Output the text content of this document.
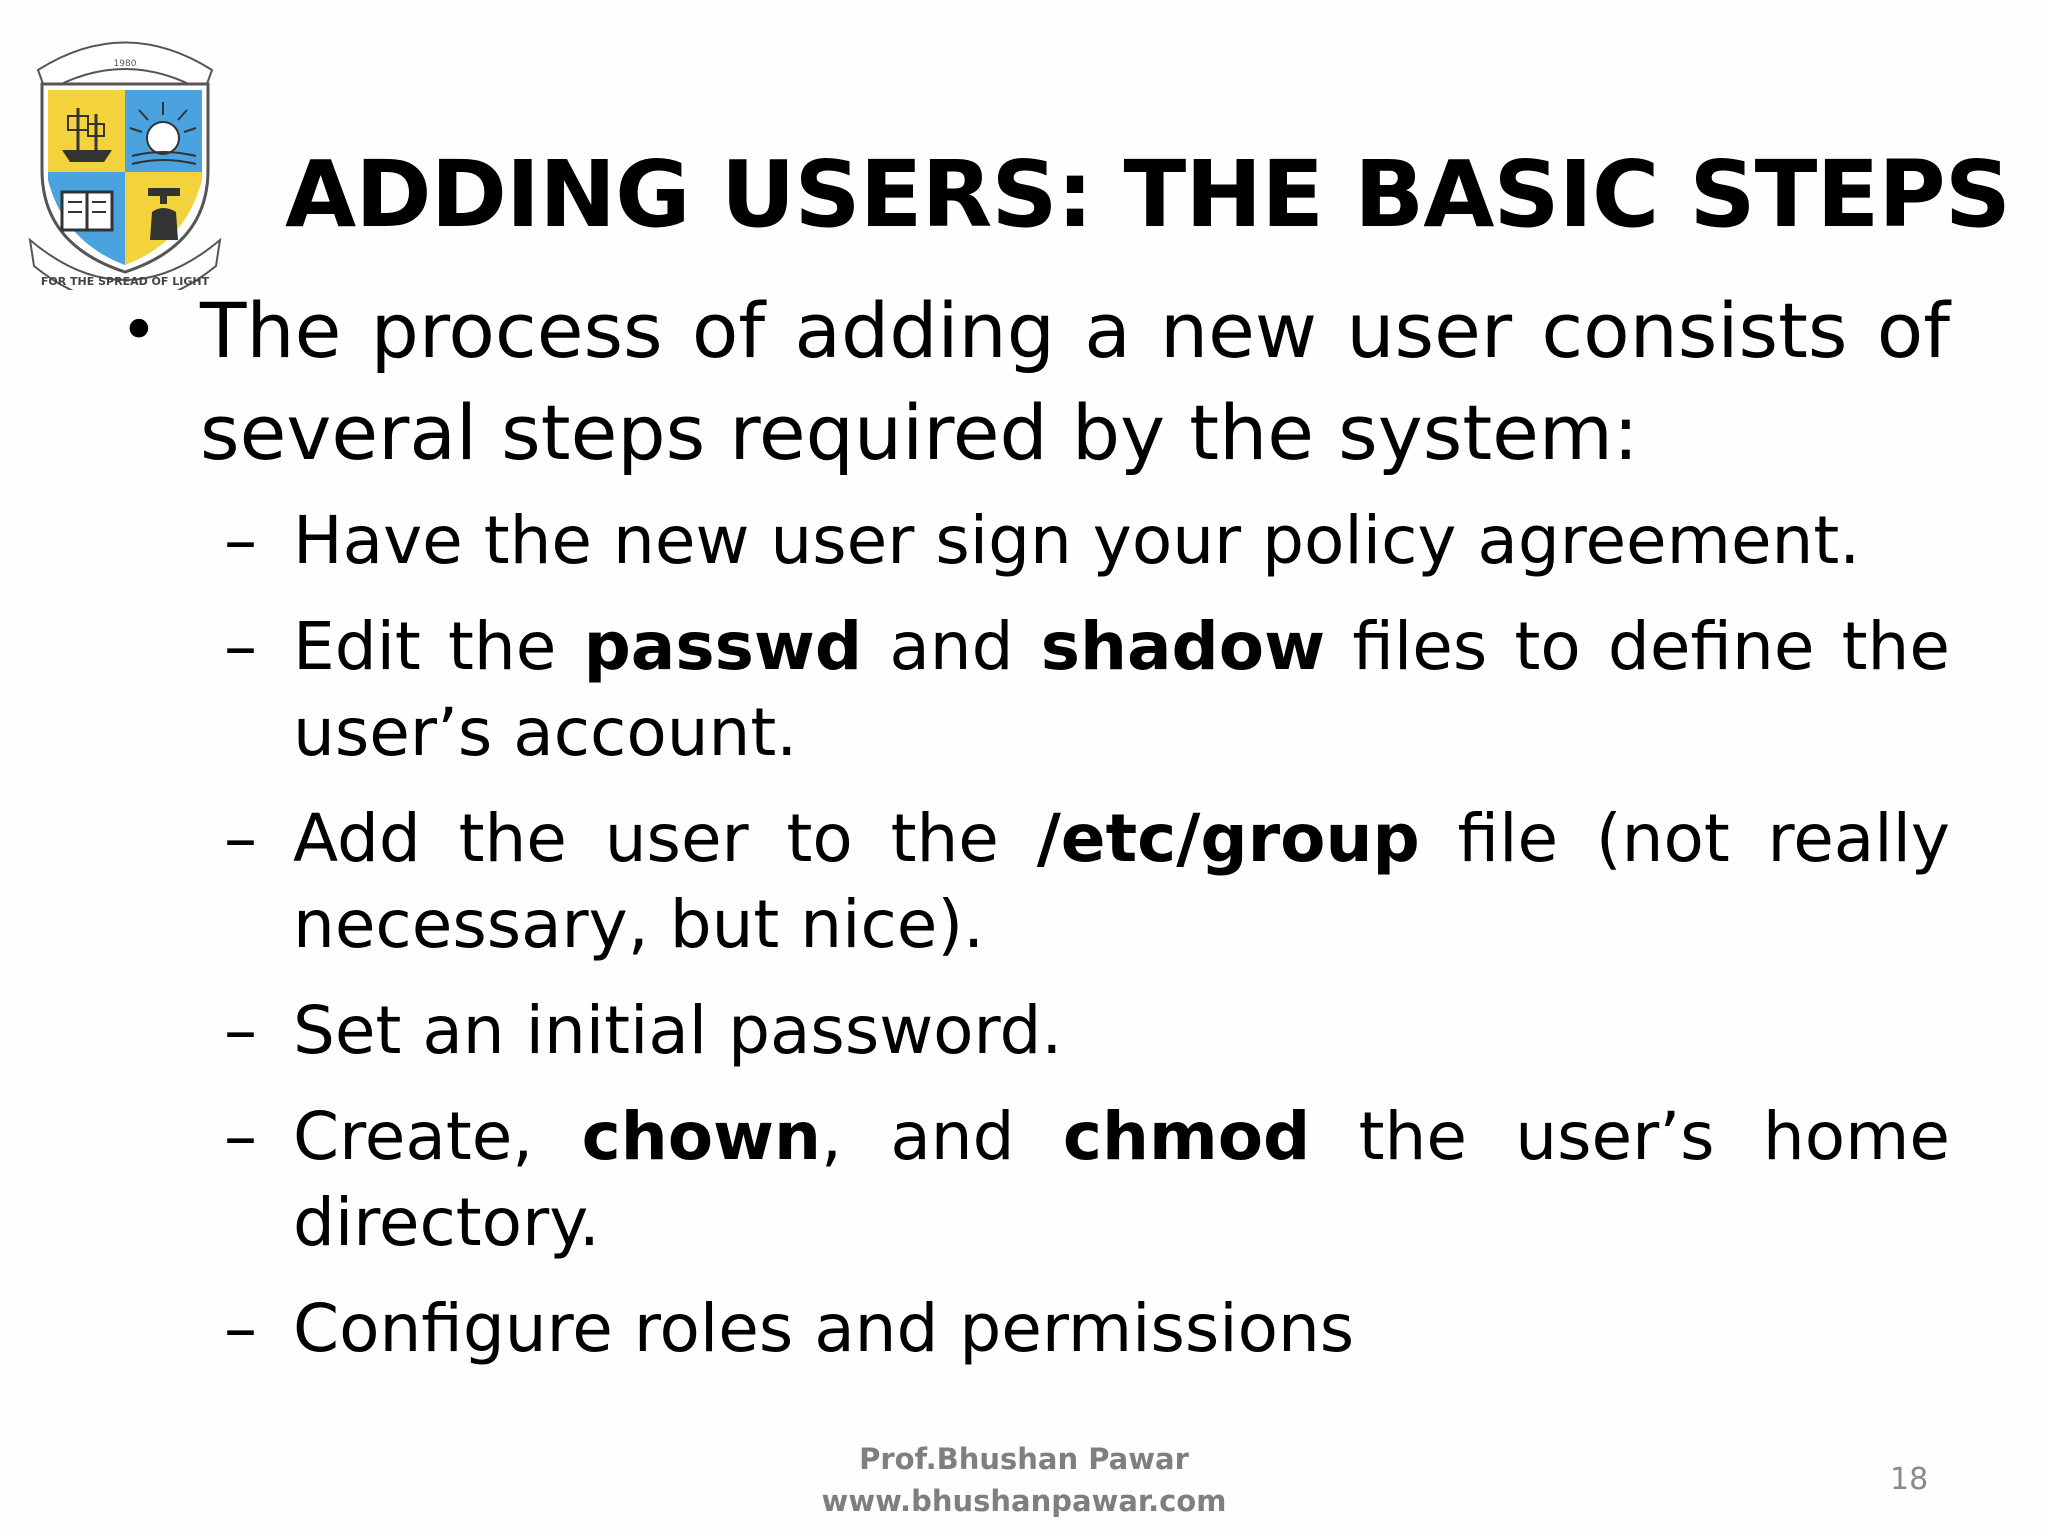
1980
FOR THE SPREAD OF LIGHT
ADDING USERS: THE BASIC STEPS
• The process of adding a new user consists of several steps required by the system:
– Have the new user sign your policy agreement.
– Edit the passwd and shadow files to define the user’s account.
– Add the user to the /etc/group file (not really necessary, but nice).
– Set an initial password.
– Create, chown, and chmod the user’s home directory.
– Configure roles and permissions
Prof.Bhushan Pawar
www.bhushanpawar.com
18
